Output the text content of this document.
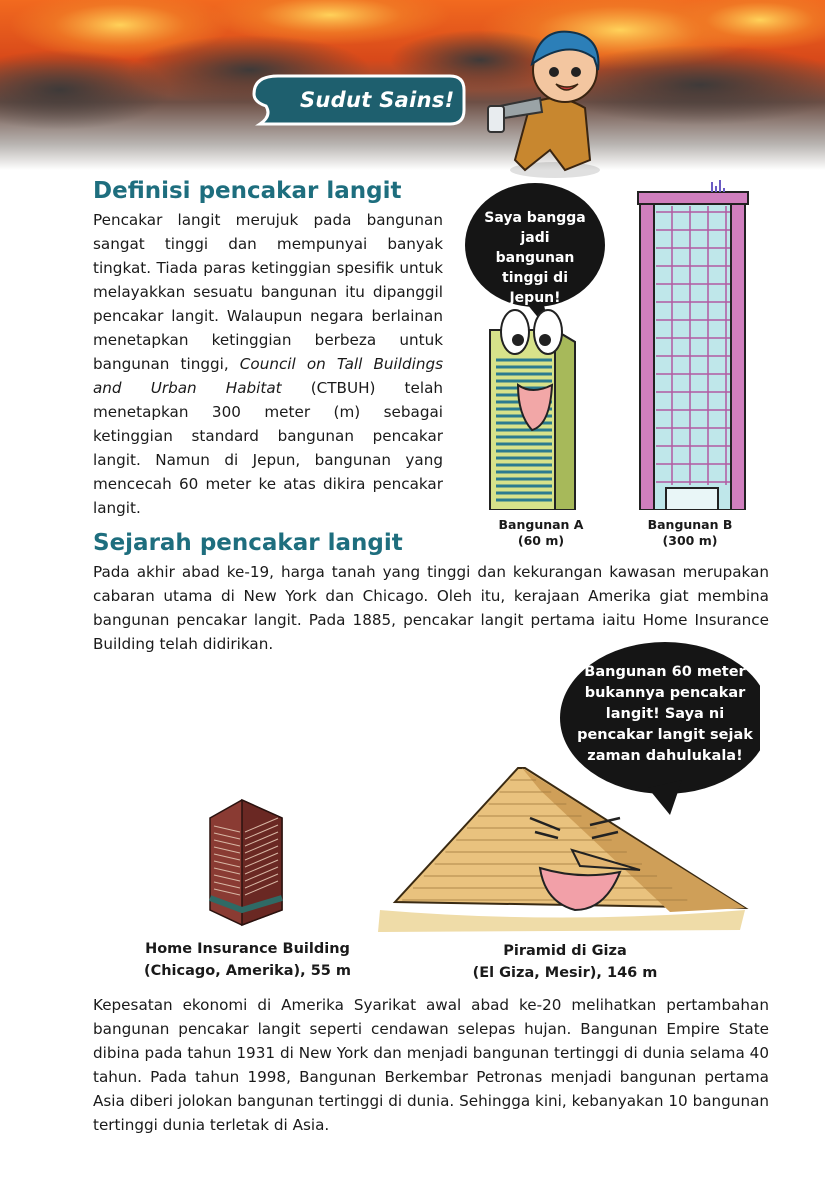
Sudut Sains!
Definisi pencakar langit

Pencakar langit merujuk pada bangunan sangat tinggi dan mempunyai banyak tingkat. Tiada paras ketinggian spesifik untuk melayakkan sesuatu bangunan itu dipanggil pencakar langit. Walaupun negara berlainan menetapkan ketinggian berbeza untuk bangunan tinggi, Council on Tall Buildings and Urban Habitat (CTBUH) telah menetapkan 300 meter (m) sebagai ketinggian standard bangunan pencakar langit. Namun di Jepun, bangunan yang mencecah 60 meter ke atas dikira pencakar langit.

Saya bangga jadi bangunan tinggi di Jepun!
Bangunan A
(60 m)
Bangunan B
(300 m)
Sejarah pencakar langit

Pada akhir abad ke-19, harga tanah yang tinggi dan kekurangan kawasan merupakan cabaran utama di New York dan Chicago. Oleh itu, kerajaan Amerika giat membina bangunan pencakar langit. Pada 1885, pencakar langit pertama iaitu Home Insurance Building telah didirikan.

Bangunan 60 meter bukannya pencakar langit! Saya ni pencakar langit sejak zaman dahulukala!
Home Insurance Building
(Chicago, Amerika), 55 m
Piramid di Giza
(El Giza, Mesir), 146 m

Kepesatan ekonomi di Amerika Syarikat awal abad ke-20 melihatkan pertambahan bangunan pencakar langit seperti cendawan selepas hujan. Bangunan Empire State dibina pada tahun 1931 di New York dan menjadi bangunan tertinggi di dunia selama 40 tahun. Pada tahun 1998, Bangunan Berkembar Petronas menjadi bangunan pertama Asia diberi jolokan bangunan tertinggi di dunia. Sehingga kini, kebanyakan 10 bangunan tertinggi dunia terletak di Asia.
